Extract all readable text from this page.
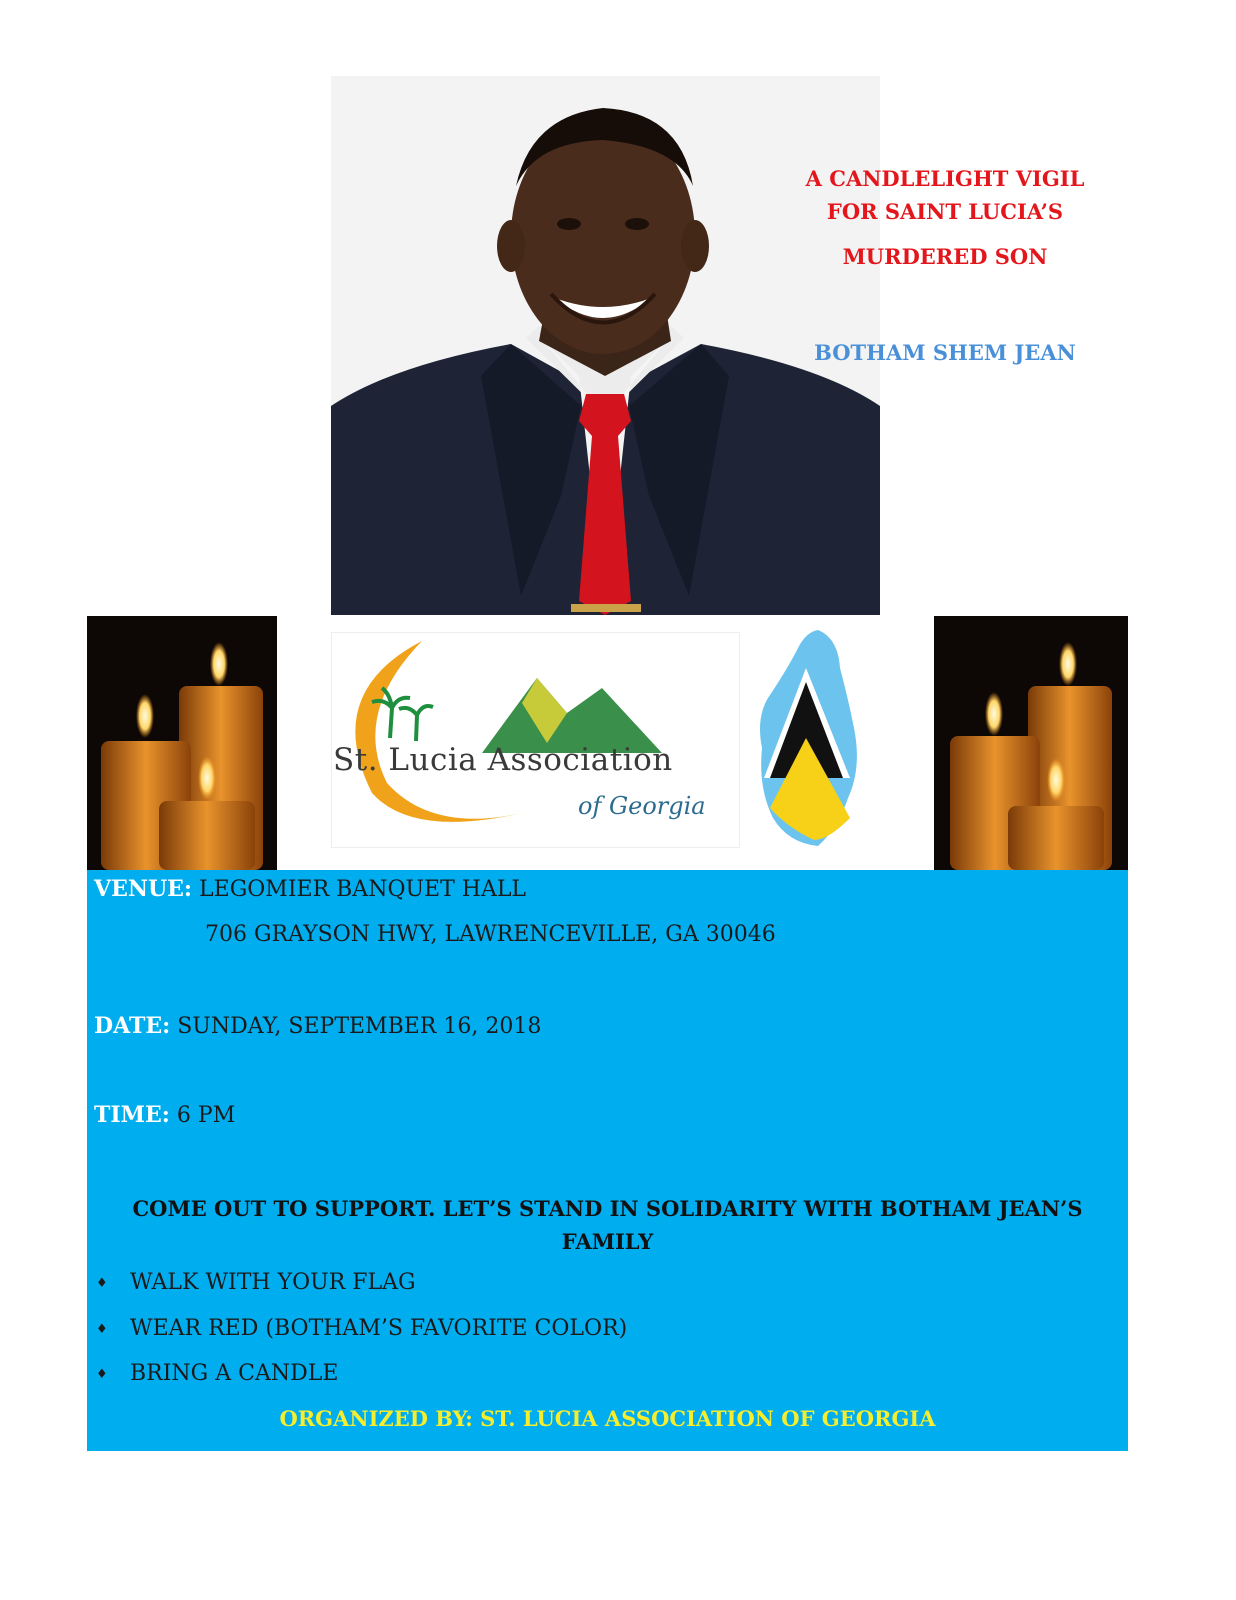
A CANDLELIGHT VIGIL
FOR SAINT LUCIA’S
MURDERED SON
BOTHAM SHEM JEAN
St. Lucia Association
of Georgia
VENUE: LEGOMIER BANQUET HALL
706 GRAYSON HWY, LAWRENCEVILLE, GA 30046
DATE: SUNDAY, SEPTEMBER 16, 2018
TIME: 6 PM
COME OUT TO SUPPORT. LET’S STAND IN SOLIDARITY WITH BOTHAM JEAN’S
FAMILY
♦ WALK WITH YOUR FLAG
♦ WEAR RED (BOTHAM’S FAVORITE COLOR)
♦ BRING A CANDLE
ORGANIZED BY: ST. LUCIA ASSOCIATION OF GEORGIA
